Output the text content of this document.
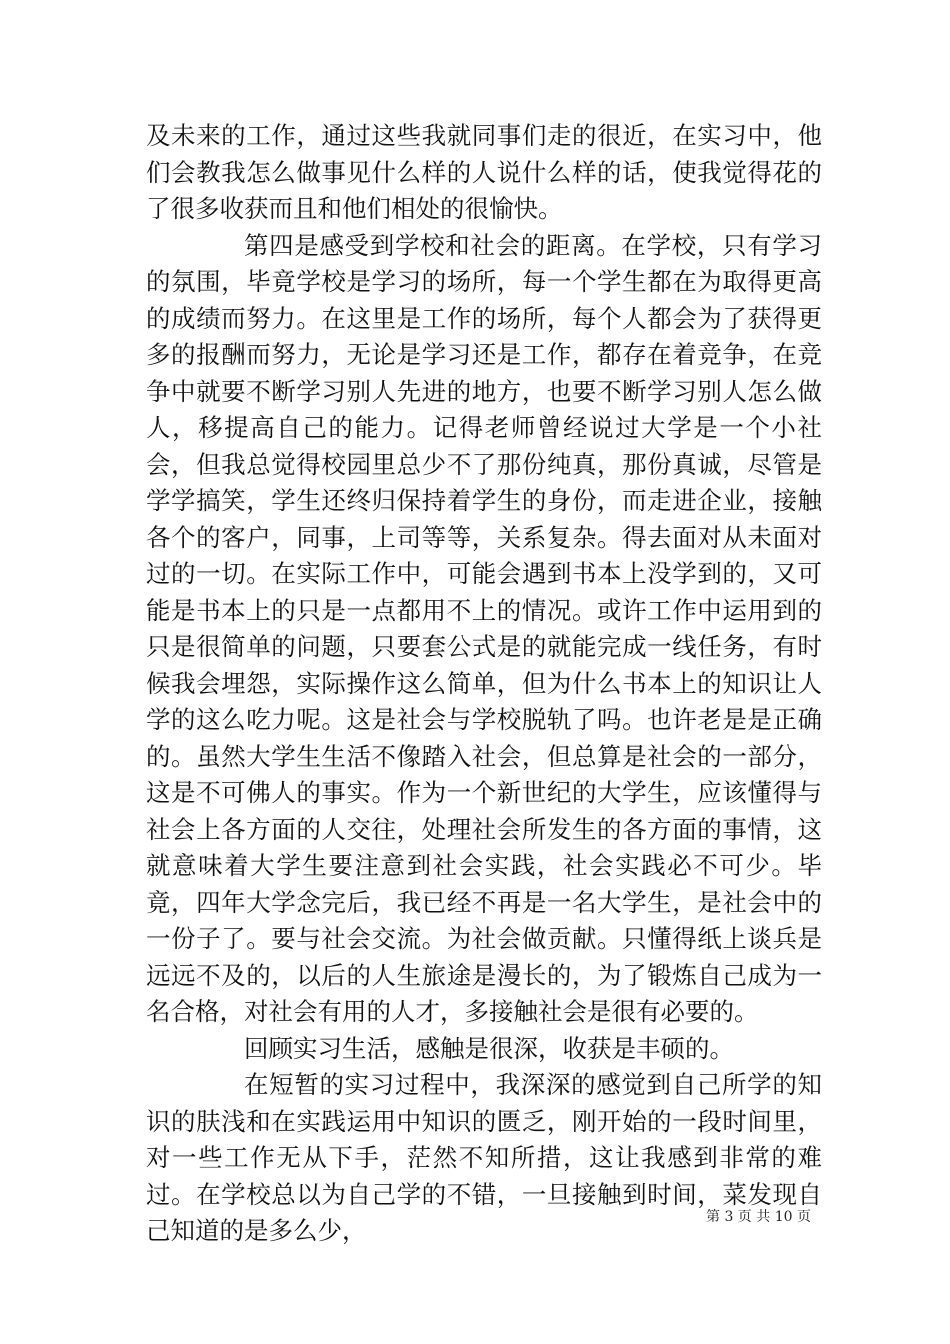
及未来的工作，通过这些我就同事们走的很近，在实习中，他们会教我怎么做事见什么样的人说什么样的话，使我觉得花的了很多收获而且和他们相处的很愉快。

第四是感受到学校和社会的距离。在学校，只有学习的氛围，毕竟学校是学习的场所，每一个学生都在为取得更高的成绩而努力。在这里是工作的场所，每个人都会为了获得更多的报酬而努力，无论是学习还是工作，都存在着竞争，在竞争中就要不断学习别人先进的地方，也要不断学习别人怎么做人，移提高自己的能力。记得老师曾经说过大学是一个小社会，但我总觉得校园里总少不了那份纯真，那份真诚，尽管是学学搞笑，学生还终归保持着学生的身份，而走进企业，接触各个的客户，同事，上司等等，关系复杂。得去面对从未面对过的一切。在实际工作中，可能会遇到书本上没学到的，又可能是书本上的只是一点都用不上的情况。或许工作中运用到的只是很简单的问题，只要套公式是的就能完成一线任务，有时候我会埋怨，实际操作这么简单，但为什么书本上的知识让人学的这么吃力呢。这是社会与学校脱轨了吗。也许老是是正确的。虽然大学生生活不像踏入社会，但总算是社会的一部分，这是不可佛人的事实。作为一个新世纪的大学生，应该懂得与社会上各方面的人交往，处理社会所发生的各方面的事情，这就意味着大学生要注意到社会实践，社会实践必不可少。毕竟，四年大学念完后，我已经不再是一名大学生，是社会中的一份子了。要与社会交流。为社会做贡献。只懂得纸上谈兵是远远不及的，以后的人生旅途是漫长的，为了锻炼自己成为一名合格，对社会有用的人才，多接触社会是很有必要的。

回顾实习生活，感触是很深，收获是丰硕的。

在短暂的实习过程中，我深深的感觉到自己所学的知识的肤浅和在实践运用中知识的匮乏，刚开始的一段时间里，对一些工作无从下手，茫然不知所措，这让我感到非常的难过。在学校总以为自己学的不错，一旦接触到时间，菜发现自己知道的是多么少，	第 3 页 共 10 页
